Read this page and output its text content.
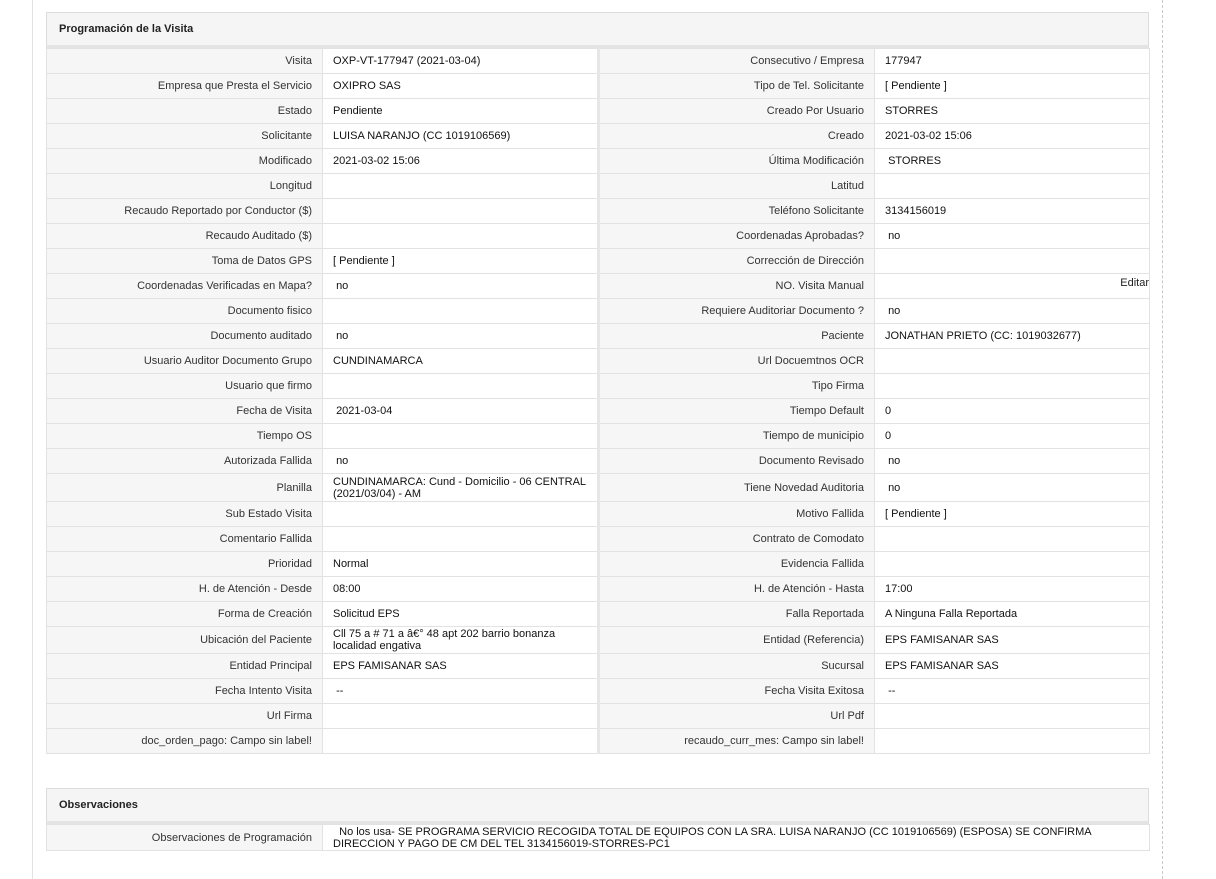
Programación de la Visita
Visita	OXP-VT-177947 (2021-03-04)	Consecutivo / Empresa	177947
Empresa que Presta el Servicio	OXIPRO SAS	Tipo de Tel. Solicitante	[ Pendiente ]
Estado	Pendiente	Creado Por Usuario	STORRES
Solicitante	LUISA NARANJO (CC 1019106569)	Creado	2021-03-02 15:06
Modificado	2021-03-02 15:06	Última Modificación	STORRES
Longitud		Latitud	
Recaudo Reportado por Conductor ($)		Teléfono Solicitante	3134156019
Recaudo Auditado ($)		Coordenadas Aprobadas?	no
Toma de Datos GPS	[ Pendiente ]	Corrección de Dirección	
Coordenadas Verificadas en Mapa?	no	NO. Visita Manual	Editar

Documento fisico		Requiere Auditoriar Documento ?	no
Documento auditado	no	Paciente	JONATHAN PRIETO (CC: 1019032677)
Usuario Auditor Documento Grupo	CUNDINAMARCA	Url Docuemtnos OCR	
Usuario que firmo		Tipo Firma	
Fecha de Visita	2021-03-04	Tiempo Default	0
Tiempo OS		Tiempo de municipio	0
Autorizada Fallida	no	Documento Revisado	no
Planilla	CUNDINAMARCA: Cund - Domicilio - 06 CENTRAL (2021/03/04) - AM	Tiene Novedad Auditoria	no
Sub Estado Visita		Motivo Fallida	[ Pendiente ]
Comentario Fallida		Contrato de Comodato	
Prioridad	Normal	Evidencia Fallida	
H. de Atención - Desde	08:00	H. de Atención - Hasta	17:00
Forma de Creación	Solicitud EPS	Falla Reportada	A Ninguna Falla Reportada
Ubicación del Paciente	Cll 75 a # 71 a â€° 48 apt 202 barrio bonanza localidad engativa	Entidad (Referencia)	EPS FAMISANAR SAS
Entidad Principal	EPS FAMISANAR SAS	Sucursal	EPS FAMISANAR SAS
Fecha Intento Visita	--	Fecha Visita Exitosa	--
Url Firma		Url Pdf	
doc_orden_pago: Campo sin label!		recaudo_curr_mes: Campo sin label!	
Observaciones
Observaciones de Programación	No los usa- SE PROGRAMA SERVICIO RECOGIDA TOTAL DE EQUIPOS CON LA SRA. LUISA NARANJO (CC 1019106569) (ESPOSA) SE CONFIRMA DIRECCION Y PAGO DE CM DEL TEL 3134156019-STORRES-PC1
